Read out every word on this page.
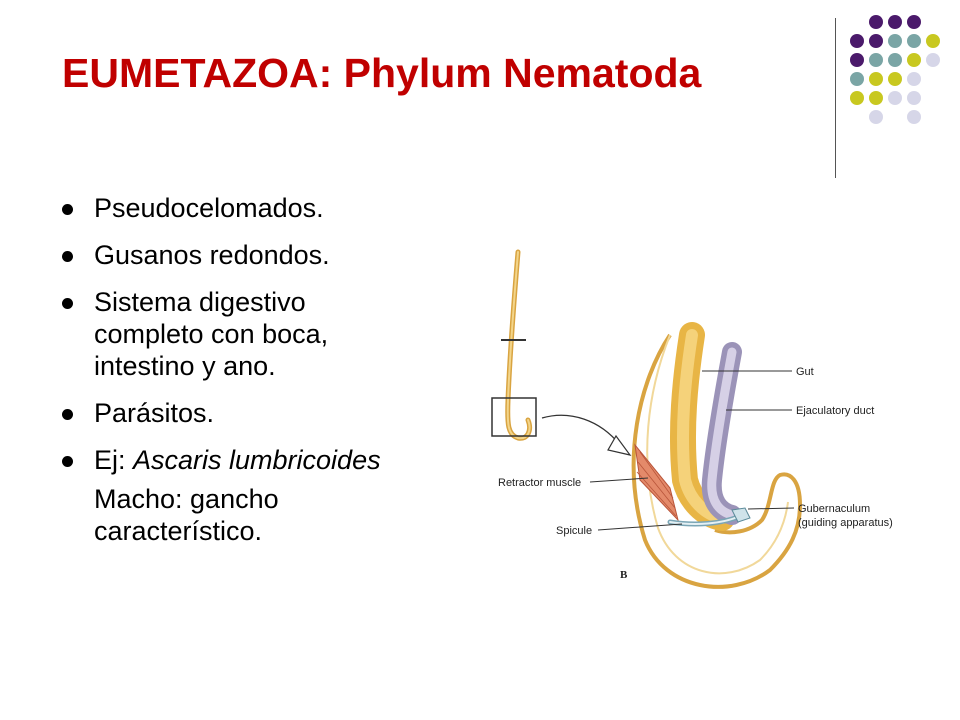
EUMETAZOA: Phylum Nematoda
Pseudocelomados.
Gusanos redondos.
Sistema digestivo completo con boca, intestino y ano.
Parásitos.
Ej: Ascaris lumbricoides
Macho: gancho característico.
Gut
Ejaculatory duct
Retractor muscle
Gubernaculum
(guiding apparatus)
Spicule
B
